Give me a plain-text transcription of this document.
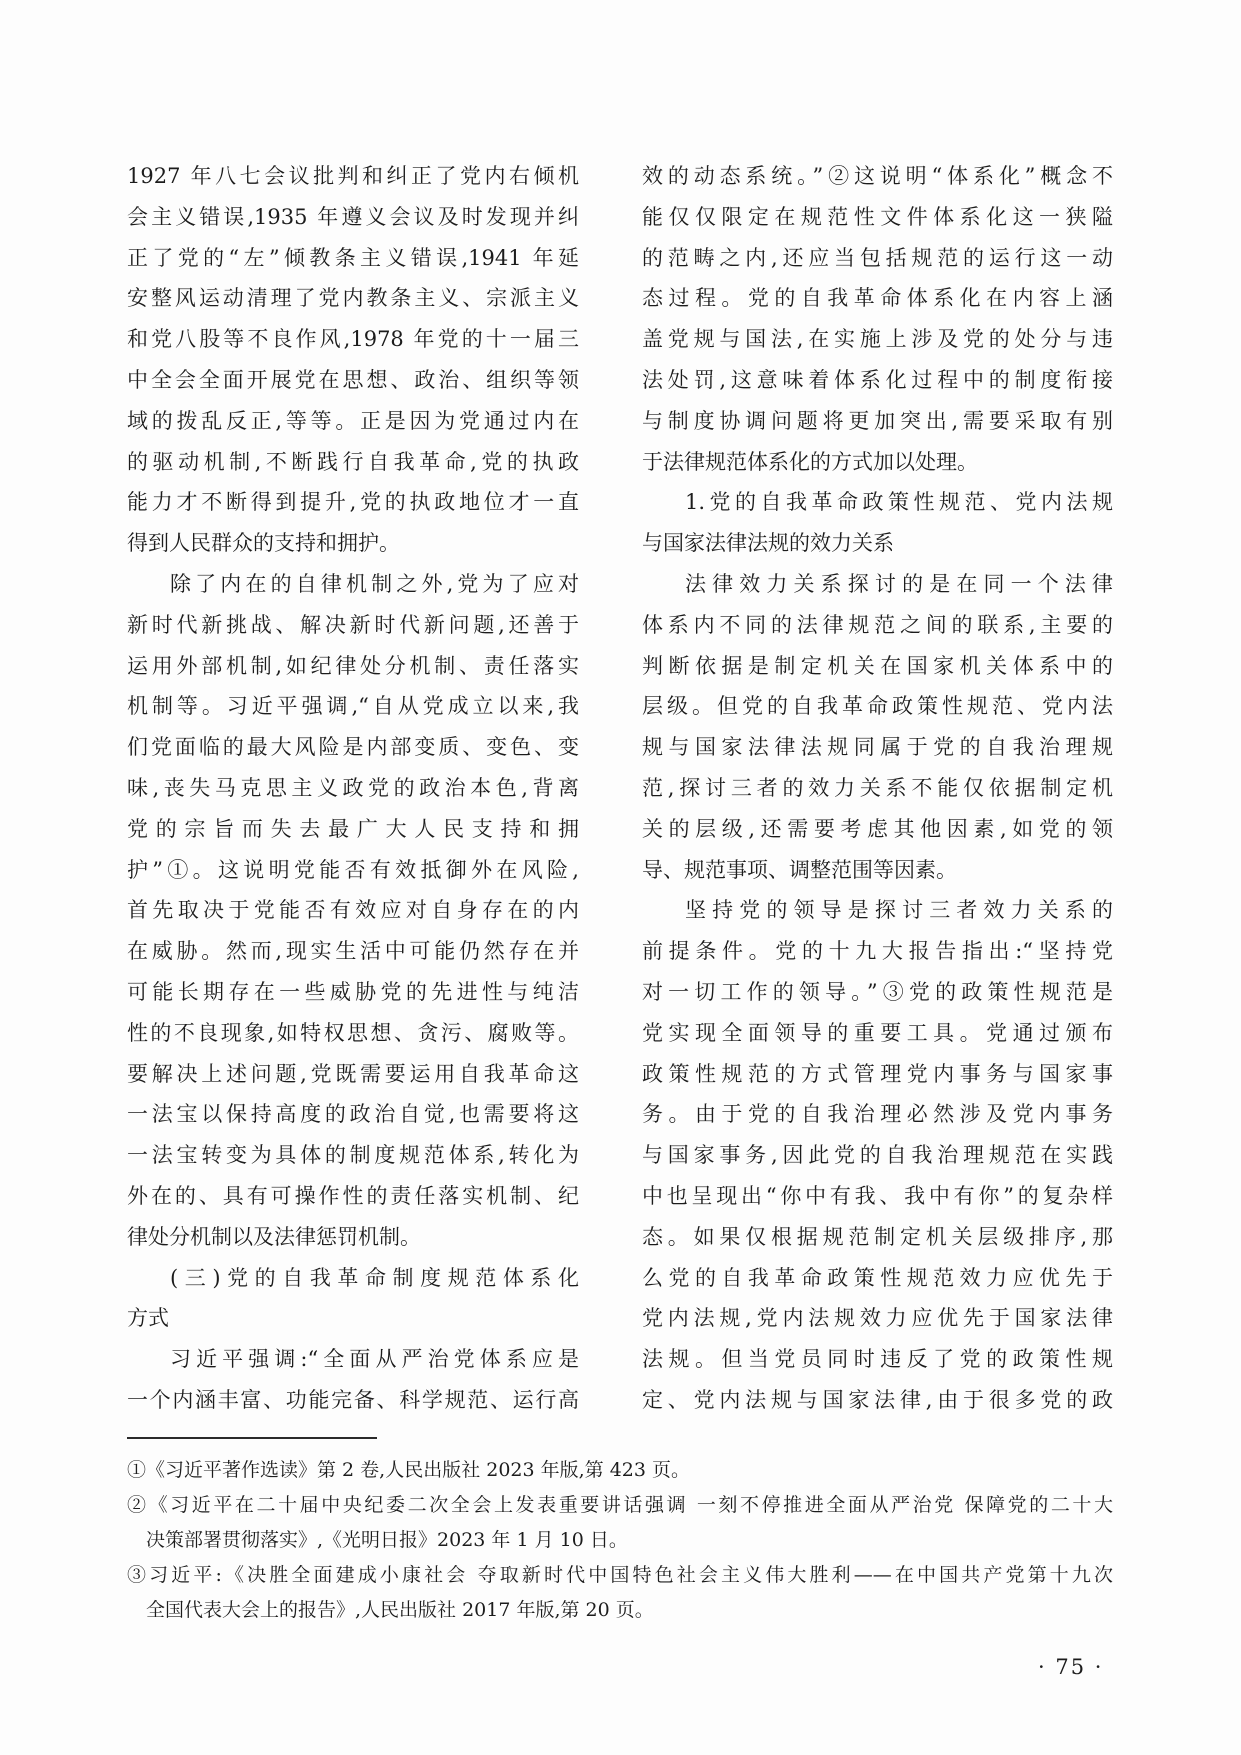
1927 年八七会议批判和纠正了党内右倾机
会主义错误,1935 年遵义会议及时发现并纠
正了党的“左”倾教条主义错误,1941 年延
安整风运动清理了党内教条主义、宗派主义
和党八股等不良作风,1978 年党的十一届三
中全会全面开展党在思想、政治、组织等领
域的拨乱反正,等等。正是因为党通过内在
的驱动机制,不断践行自我革命,党的执政
能力才不断得到提升,党的执政地位才一直
得到人民群众的支持和拥护。
除了内在的自律机制之外,党为了应对
新时代新挑战、解决新时代新问题,还善于
运用外部机制,如纪律处分机制、责任落实
机制等。习近平强调,“自从党成立以来,我
们党面临的最大风险是内部变质、变色、变
味,丧失马克思主义政党的政治本色,背离
党的宗旨而失去最广大人民支持和拥
护”①。这说明党能否有效抵御外在风险,
首先取决于党能否有效应对自身存在的内
在威胁。然而,现实生活中可能仍然存在并
可能长期存在一些威胁党的先进性与纯洁
性的不良现象,如特权思想、贪污、腐败等。
要解决上述问题,党既需要运用自我革命这
一法宝以保持高度的政治自觉,也需要将这
一法宝转变为具体的制度规范体系,转化为
外在的、具有可操作性的责任落实机制、纪
律处分机制以及法律惩罚机制。
(三)党的自我革命制度规范体系化
方式
习近平强调:“全面从严治党体系应是
一个内涵丰富、功能完备、科学规范、运行高
效的动态系统。”②这说明“体系化”概念不
能仅仅限定在规范性文件体系化这一狭隘
的范畴之内,还应当包括规范的运行这一动
态过程。党的自我革命体系化在内容上涵
盖党规与国法,在实施上涉及党的处分与违
法处罚,这意味着体系化过程中的制度衔接
与制度协调问题将更加突出,需要采取有别
于法律规范体系化的方式加以处理。
1.党的自我革命政策性规范、党内法规
与国家法律法规的效力关系
法律效力关系探讨的是在同一个法律
体系内不同的法律规范之间的联系,主要的
判断依据是制定机关在国家机关体系中的
层级。但党的自我革命政策性规范、党内法
规与国家法律法规同属于党的自我治理规
范,探讨三者的效力关系不能仅依据制定机
关的层级,还需要考虑其他因素,如党的领
导、规范事项、调整范围等因素。
坚持党的领导是探讨三者效力关系的
前提条件。党的十九大报告指出:“坚持党
对一切工作的领导。”③党的政策性规范是
党实现全面领导的重要工具。党通过颁布
政策性规范的方式管理党内事务与国家事
务。由于党的自我治理必然涉及党内事务
与国家事务,因此党的自我治理规范在实践
中也呈现出“你中有我、我中有你”的复杂样
态。如果仅根据规范制定机关层级排序,那
么党的自我革命政策性规范效力应优先于
党内法规,党内法规效力应优先于国家法律
法规。但当党员同时违反了党的政策性规
定、党内法规与国家法律,由于很多党的政
①《习近平著作选读》第 2 卷,人民出版社 2023 年版,第 423 页。
②《习近平在二十届中央纪委二次全会上发表重要讲话强调 一刻不停推进全面从严治党 保障党的二十大
决策部署贯彻落实》,《光明日报》2023 年 1 月 10 日。
③习近平:《决胜全面建成小康社会 夺取新时代中国特色社会主义伟大胜利——在中国共产党第十九次
全国代表大会上的报告》,人民出版社 2017 年版,第 20 页。
· 75 ·
